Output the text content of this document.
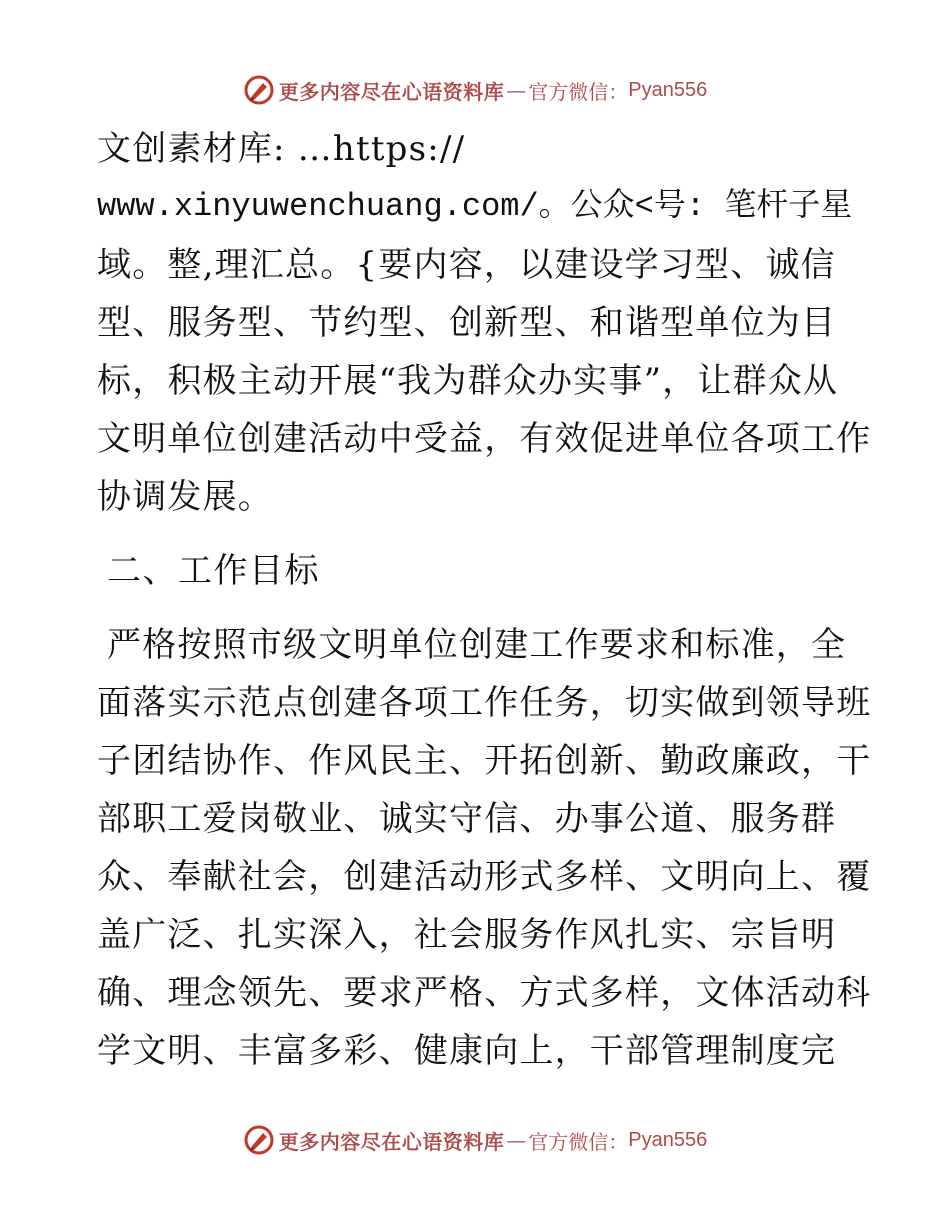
更多内容尽在心语资料库 — 官方微信： Pyan556
文创素材库: …https://
www.xinyuwenchuang.com/。公众<号: 笔杆子星
域。整,理汇总。{要内容，以建设学习型、诚信
型、服务型、节约型、创新型、和谐型单位为目
标，积极主动开展“我为群众办实事”，让群众从
文明单位创建活动中受益，有效促进单位各项工作
协调发展。
二、工作目标
严格按照市级文明单位创建工作要求和标准，全
面落实示范点创建各项工作任务，切实做到领导班
子团结协作、作风民主、开拓创新、勤政廉政，干
部职工爱岗敬业、诚实守信、办事公道、服务群
众、奉献社会，创建活动形式多样、文明向上、覆
盖广泛、扎实深入，社会服务作风扎实、宗旨明
确、理念领先、要求严格、方式多样，文体活动科
学文明、丰富多彩、健康向上，干部管理制度完
更多内容尽在心语资料库 — 官方微信： Pyan556
